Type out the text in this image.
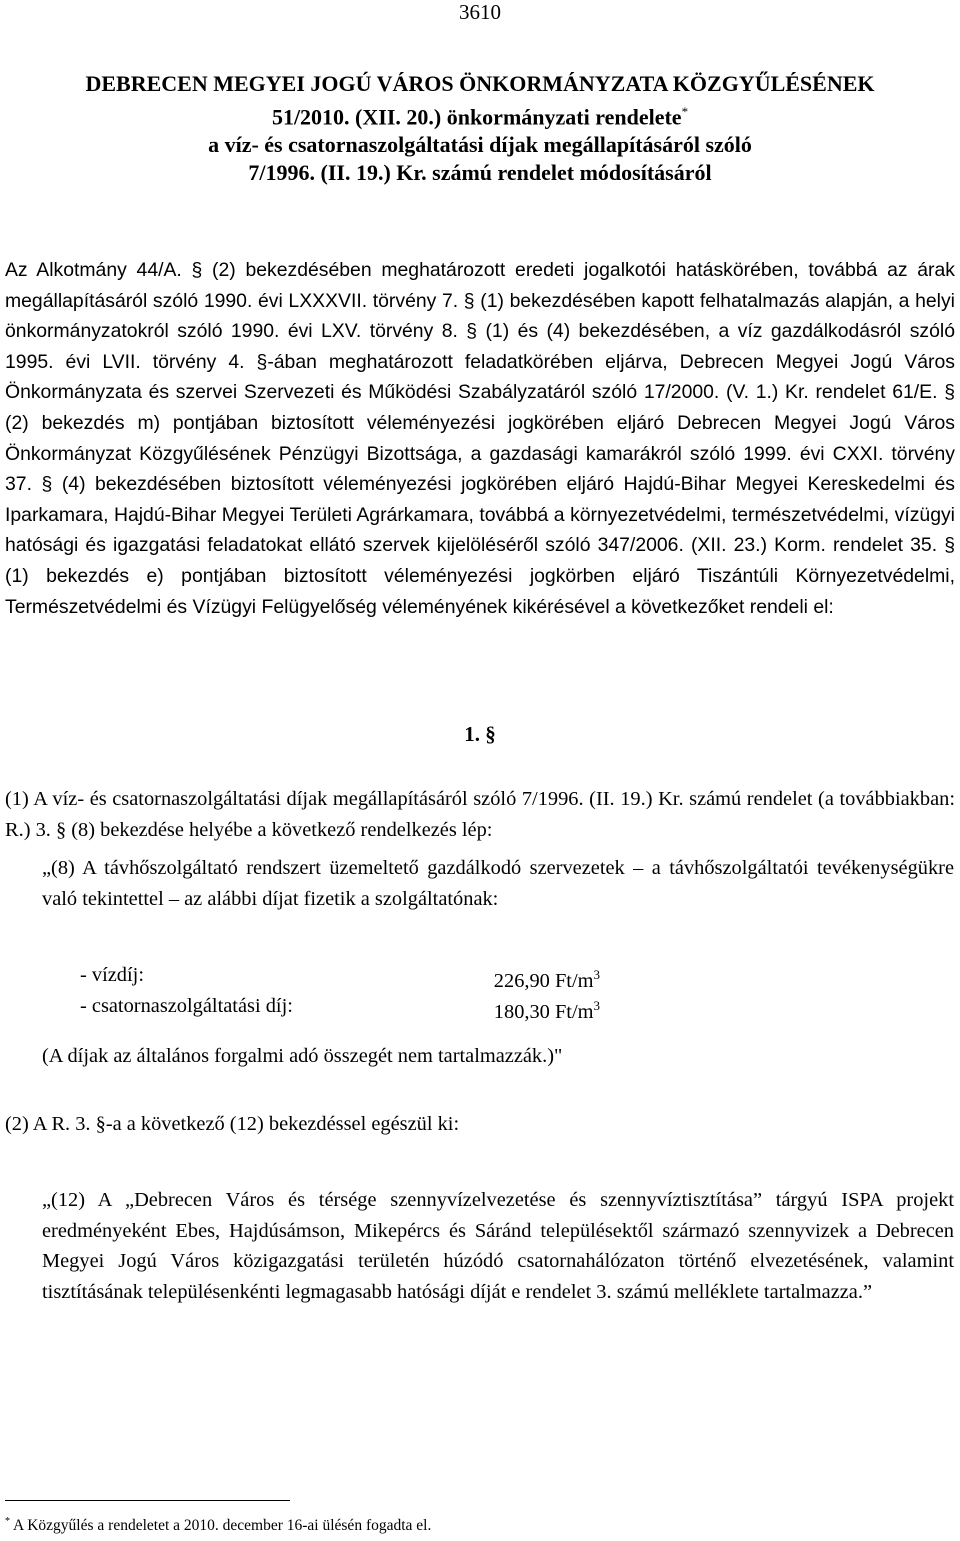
3610
DEBRECEN MEGYEI JOGÚ VÁROS ÖNKORMÁNYZATA KÖZGYŰLÉSÉNEK
51/2010. (XII. 20.) önkormányzati rendelete*
a víz- és csatornaszolgáltatási díjak megállapításáról szóló
7/1996. (II. 19.) Kr. számú rendelet módosításáról
Az Alkotmány 44/A. § (2) bekezdésében meghatározott eredeti jogalkotói hatáskörében, továbbá az árak megállapításáról szóló 1990. évi LXXXVII. törvény 7. § (1) bekezdésében kapott felhatalmazás alapján, a helyi önkormányzatokról szóló 1990. évi LXV. törvény 8. § (1) és (4) bekezdésében, a víz gazdálkodásról szóló 1995. évi LVII. törvény 4. §-ában meghatározott feladatkörében eljárva, Debrecen Megyei Jogú Város Önkormányzata és szervei Szervezeti és Működési Szabályzatáról szóló 17/2000. (V. 1.) Kr. rendelet 61/E. § (2) bekezdés m) pontjában biztosított véleményezési jogkörében eljáró Debrecen Megyei Jogú Város Önkormányzat Közgyűlésének Pénzügyi Bizottsága, a gazdasági kamarákról szóló 1999. évi CXXI. törvény 37. § (4) bekezdésében biztosított véleményezési jogkörében eljáró Hajdú-Bihar Megyei Kereskedelmi és Iparkamara, Hajdú-Bihar Megyei Területi Agrárkamara, továbbá a környezetvédelmi, természetvédelmi, vízügyi hatósági és igazgatási feladatokat ellátó szervek kijelöléséről szóló 347/2006. (XII. 23.) Korm. rendelet 35. § (1) bekezdés e) pontjában biztosított véleményezési jogkörben eljáró Tiszántúli Környezetvédelmi, Természetvédelmi és Vízügyi Felügyelőség véleményének kikérésével a következőket rendeli el:
1. §
(1) A víz- és csatornaszolgáltatási díjak megállapításáról szóló 7/1996. (II. 19.) Kr. számú rendelet (a továbbiakban: R.) 3. § (8) bekezdése helyébe a következő rendelkezés lép:
„(8) A távhőszolgáltató rendszert üzemeltető gazdálkodó szervezetek – a távhőszolgáltatói tevékenységükre való tekintettel – az alábbi díjat fizetik a szolgáltatónak:
- vízdíj:	226,90 $Ft/m^3$
- csatornaszolgáltatási díj:	180,30 $Ft/m^3$
(A díjak az általános forgalmi adó összegét nem tartalmazzák.)"
(2) A R. 3. §-a a következő (12) bekezdéssel egészül ki:
„(12) A „Debrecen Város és térsége szennyvízelvezetése és szennyvíztisztítása” tárgyú ISPA projekt eredményeként Ebes, Hajdúsámson, Mikepércs és Sáránd településektől származó szennyvizek a Debrecen Megyei Jogú Város közigazgatási területén húzódó csatornahálózaton történő elvezetésének, valamint tisztításának településenkénti legmagasabb hatósági díját e rendelet 3. számú melléklete tartalmazza.”
* A Közgyűlés a rendeletet a 2010. december 16-ai ülésén fogadta el.
